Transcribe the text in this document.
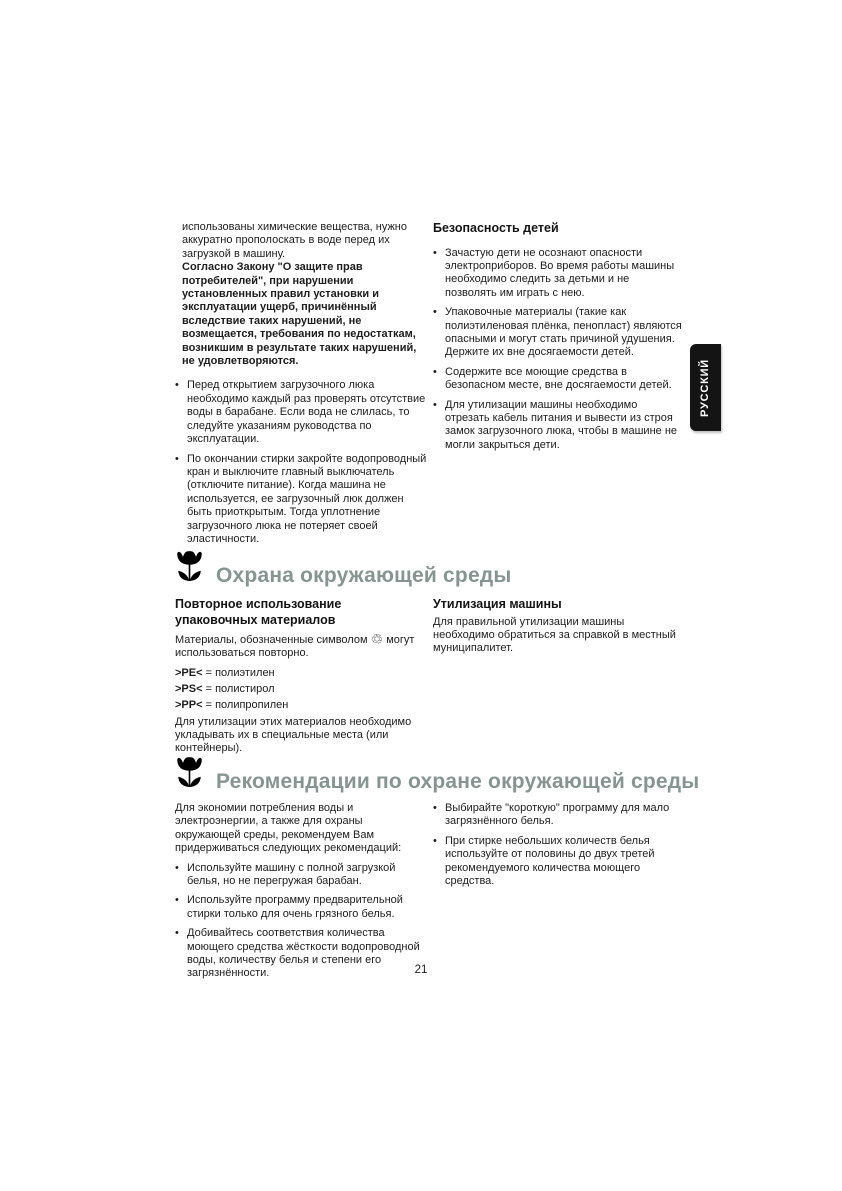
использованы химические вещества, нужно аккуратно прополоскать в воде перед их загрузкой в машину.

Согласно Закону "О защите прав потребителей", при нарушении установленных правил установки и эксплуатации ущерб, причинённый вследствие таких нарушений, не возмещается, требования по недостаткам, возникшим в результате таких нарушений, не удовлетворяются.

• Перед открытием загрузочного люка необходимо каждый раз проверять отсутствие воды в барабане. Если вода не слилась, то следуйте указаниям руководства по эксплуатации.
• По окончании стирки закройте водопроводный кран и выключите главный выключатель (отключите питание). Когда машина не используется, ее загрузочный люк должен быть приоткрытым. Тогда уплотнение загрузочного люка не потеряет своей эластичности.
Безопасность детей
• Зачастую дети не осознают опасности электроприборов. Во время работы машины необходимо следить за детьми и не позволять им играть с нею.
• Упаковочные материалы (такие как полиэтиленовая плёнка, пенопласт) являются опасными и могут стать причиной удушения. Держите их вне досягаемости детей.
• Содержите все моющие средства в безопасном месте, вне досягаемости детей.
• Для утилизации машины необходимо отрезать кабель питания и вывести из строя замок загрузочного люка, чтобы в машине не могли закрыться дети.
РУССКИЙ
Охрана окружающей среды
Повторное использование упаковочных материалов

Материалы, обозначенные символом ♲ могут использоваться повторно.

>PE< = полиэтилен

>PS< = полистирол

>PP< = полипропилен

Для утилизации этих материалов необходимо укладывать их в специальные места (или контейнеры).

Утилизация машины

Для правильной утилизации машины необходимо обратиться за справкой в местный муниципалитет.

Рекомендации по охране окружающей среды

Для экономии потребления воды и электроэнергии, а также для охраны окружающей среды, рекомендуем Вам придерживаться следующих рекомендаций:

• Используйте машину с полной загрузкой белья, но не перегружая барабан.
• Используйте программу предварительной стирки только для очень грязного белья.
• Добивайтесь соответствия количества моющего средства жёсткости водопроводной воды, количеству белья и степени его загрязнённости.
• Выбирайте "короткую" программу для мало загрязнённого белья.
• При стирке небольших количеств белья используйте от половины до двух третей рекомендуемого количества моющего средства.
21
